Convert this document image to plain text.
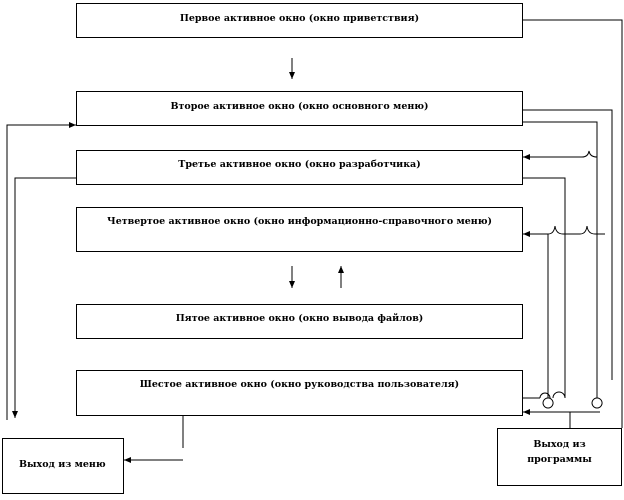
Первое активное окно (окно приветствия)
Второе активное окно (окно основного меню)
Третье активное окно (окно разработчика)
Четвертое активное окно (окно информационно-справочного меню)
Пятое активное окно (окно вывода файлов)
Шестое активное окно (окно руководства пользователя)
Выход из меню
Выход из программы
